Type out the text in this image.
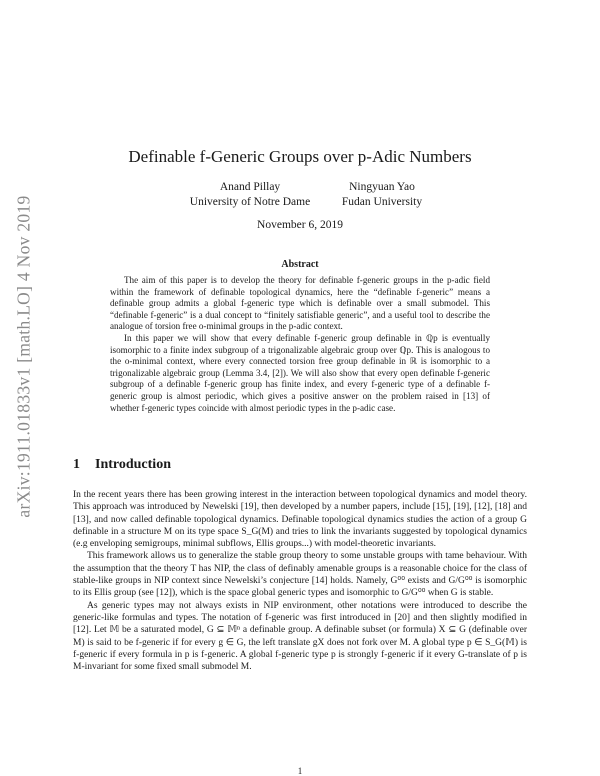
arXiv:1911.01833v1 [math.LO] 4 Nov 2019
Definable f-Generic Groups over p-Adic Numbers
Anand Pillay
University of Notre Dame
Ningyuan Yao
Fudan University
November 6, 2019
Abstract

The aim of this paper is to develop the theory for definable f-generic groups in the p-adic field within the framework of definable topological dynamics, here the “definable f-generic” means a definable group admits a global f-generic type which is definable over a small submodel. This “definable f-generic” is a dual concept to “finitely satisfiable generic”, and a useful tool to describe the analogue of torsion free o-minimal groups in the p-adic context.

In this paper we will show that every definable f-generic group definable in ℚp is eventually isomorphic to a finite index subgroup of a trigonalizable algebraic group over ℚp. This is analogous to the o-minimal context, where every connected torsion free group definable in ℝ is isomorphic to a trigonalizable algebraic group (Lemma 3.4, [2]). We will also show that every open definable f-generic subgroup of a definable f-generic group has finite index, and every f-generic type of a definable f-generic group is almost periodic, which gives a positive answer on the problem raised in [13] of whether f-generic types coincide with almost periodic types in the p-adic case.

1 Introduction

In the recent years there has been growing interest in the interaction between topological dynamics and model theory. This approach was introduced by Newelski [19], then developed by a number papers, include [15], [19], [12], [18] and [13], and now called definable topological dynamics. Definable topological dynamics studies the action of a group G definable in a structure M on its type space S_G(M) and tries to link the invariants suggested by topological dynamics (e.g enveloping semigroups, minimal subflows, Ellis groups...) with model-theoretic invariants.

This framework allows us to generalize the stable group theory to some unstable groups with tame behaviour. With the assumption that the theory T has NIP, the class of definably amenable groups is a reasonable choice for the class of stable-like groups in NIP context since Newelski’s conjecture [14] holds. Namely, G⁰⁰ exists and G/G⁰⁰ is isomorphic to its Ellis group (see [12]), which is the space global generic types and isomorphic to G/G⁰⁰ when G is stable.

As generic types may not always exists in NIP environment, other notations were introduced to describe the generic-like formulas and types. The notation of f-generic was first introduced in [20] and then slightly modified in [12]. Let 𝕄 be a saturated model, G ⊆ 𝕄ⁿ a definable group. A definable subset (or formula) X ⊆ G (definable over M) is said to be f-generic if for every g ∈ G, the left translate gX does not fork over M. A global type p ∈ S_G(𝕄) is f-generic if every formula in p is f-generic. A global f-generic type p is strongly f-generic if it every G-translate of p is M-invariant for some fixed small submodel M.

1
